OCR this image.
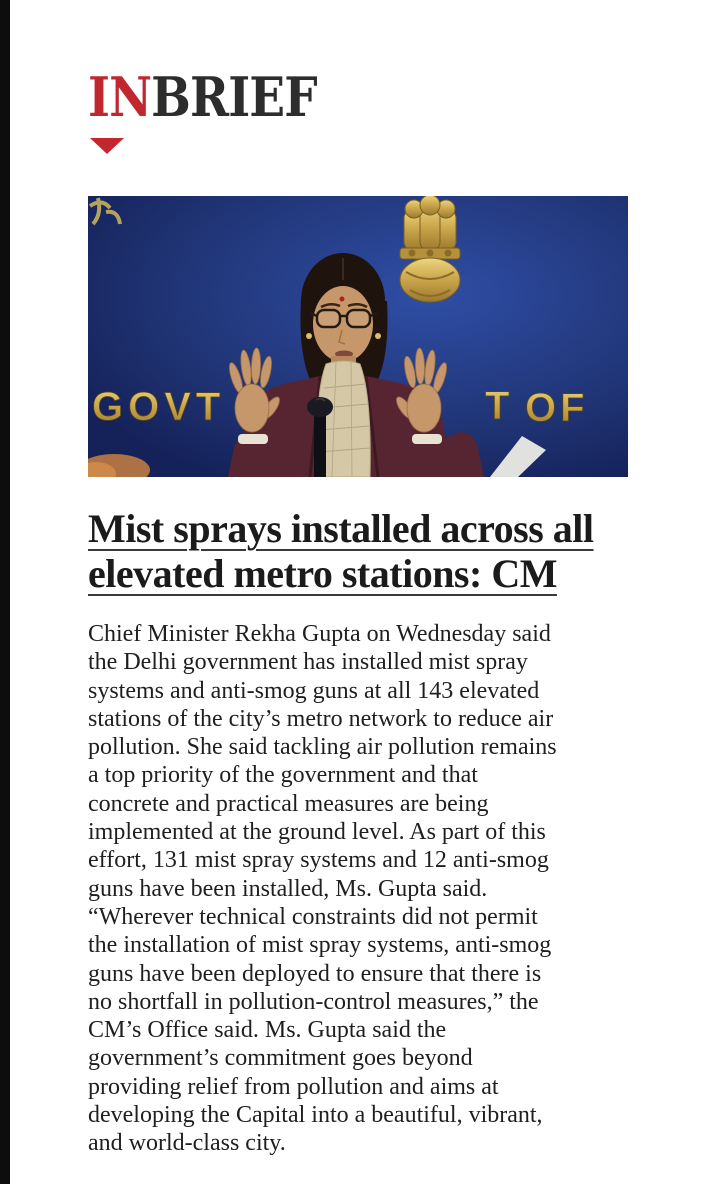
INBRIEF
GOVT	T OF
Mist sprays installed across all
elevated metro stations: CM

Chief Minister Rekha Gupta on Wednesday said the Delhi government has installed mist spray systems and anti-smog guns at all 143 elevated stations of the city’s metro network to reduce air pollution. She said tackling air pollution remains a top priority of the government and that concrete and practical measures are being implemented at the ground level. As part of this effort, 131 mist spray systems and 12 anti-smog guns have been installed, Ms. Gupta said. “Wherever technical constraints did not permit the installation of mist spray systems, anti-smog guns have been deployed to ensure that there is no shortfall in pollution-control measures,” the CM’s Office said. Ms. Gupta said the government’s commitment goes beyond providing relief from pollution and aims at developing the Capital into a beautiful, vibrant, and world-class city.
